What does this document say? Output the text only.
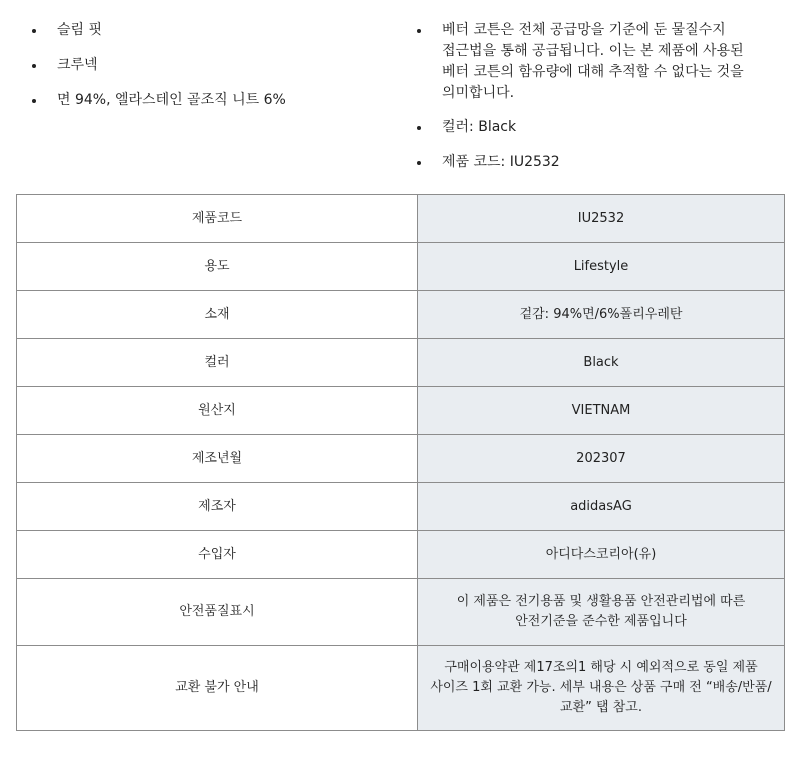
슬림 핏
크루넥
면 94%, 엘라스테인 골조직 니트 6%
베터 코튼은 전체 공급망을 기준에 둔 물질수지
접근법을 통해 공급됩니다. 이는 본 제품에 사용된
베터 코튼의 함유량에 대해 추적할 수 없다는 것을
의미합니다.
컬러: Black
제품 코드: IU2532
제품코드	IU2532
용도	Lifestyle
소재	겉감: 94%면/6%폴리우레탄
컬러	Black
원산지	VIETNAM
제조년월	202307
제조자	adidasAG
수입자	아디다스코리아(유)
안전품질표시	이 제품은 전기용품 및 생활용품 안전관리법에 따른
안전기준을 준수한 제품입니다
교환 불가 안내	구매이용약관 제17조의1 해당 시 예외적으로 동일 제품
사이즈 1회 교환 가능. 세부 내용은 상품 구매 전 “배송/반품/
교환” 탭 참고.
